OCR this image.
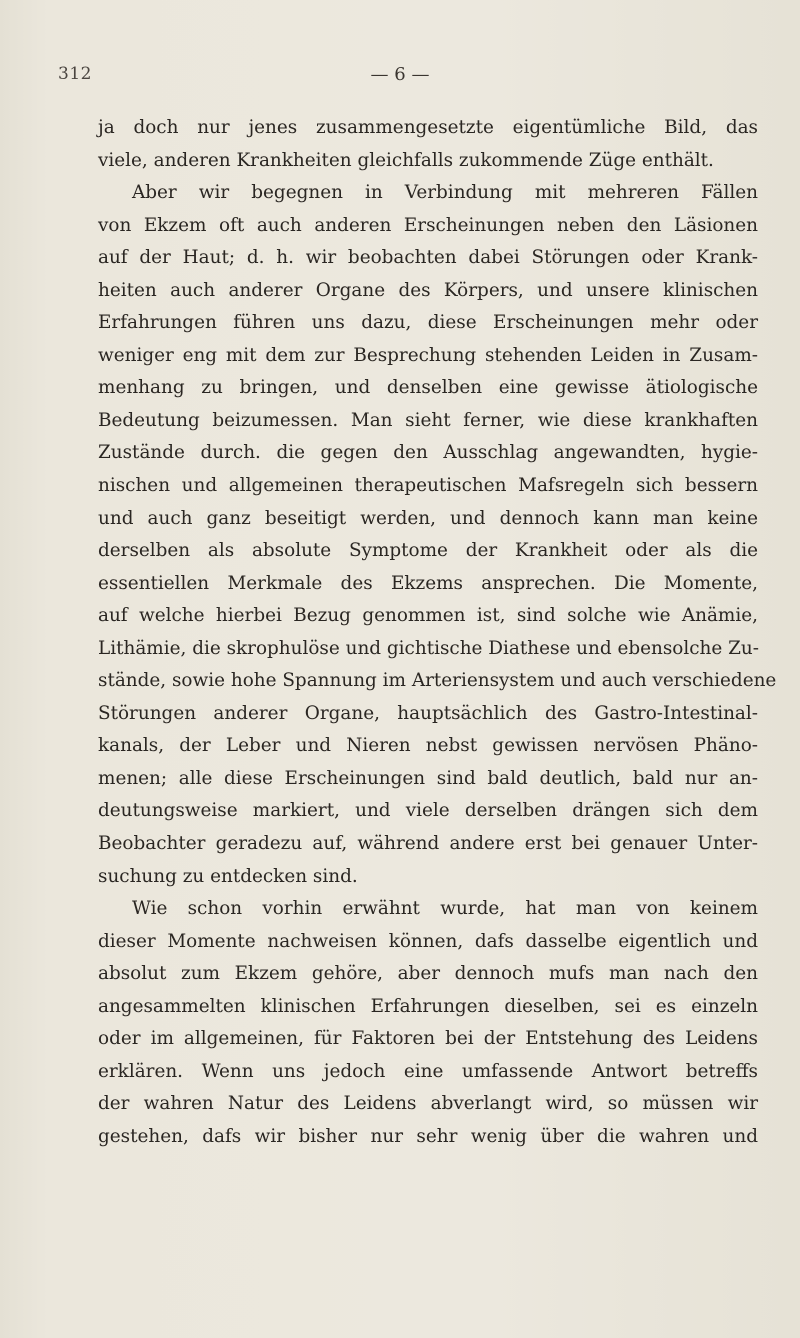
312	— 6 —
ja doch nur jenes zusammengesetzte eigentümliche Bild, das
viele, anderen Krankheiten gleichfalls zukommende Züge enthält.
Aber wir begegnen in Verbindung mit mehreren Fällen
von Ekzem oft auch anderen Erscheinungen neben den Läsionen
auf der Haut; d. h. wir beobachten dabei Störungen oder Krank-
heiten auch anderer Organe des Körpers, und unsere klinischen
Erfahrungen führen uns dazu, diese Erscheinungen mehr oder
weniger eng mit dem zur Besprechung stehenden Leiden in Zusam-
menhang zu bringen, und denselben eine gewisse ätiologische
Bedeutung beizumessen. Man sieht ferner, wie diese krankhaften
Zustände durch. die gegen den Ausschlag angewandten, hygie-
nischen und allgemeinen therapeutischen Mafsregeln sich bessern
und auch ganz beseitigt werden, und dennoch kann man keine
derselben als absolute Symptome der Krankheit oder als die
essentiellen Merkmale des Ekzems ansprechen. Die Momente,
auf welche hierbei Bezug genommen ist, sind solche wie Anämie,
Lithämie, die skrophulöse und gichtische Diathese und ebensolche Zu-
stände, sowie hohe Spannung im Arteriensystem und auch verschiedene
Störungen anderer Organe, hauptsächlich des Gastro-Intestinal-
kanals, der Leber und Nieren nebst gewissen nervösen Phäno-
menen; alle diese Erscheinungen sind bald deutlich, bald nur an-
deutungsweise markiert, und viele derselben drängen sich dem
Beobachter geradezu auf, während andere erst bei genauer Unter-
suchung zu entdecken sind.
Wie schon vorhin erwähnt wurde, hat man von keinem
dieser Momente nachweisen können, dafs dasselbe eigentlich und
absolut zum Ekzem gehöre, aber dennoch mufs man nach den
angesammelten klinischen Erfahrungen dieselben, sei es einzeln
oder im allgemeinen, für Faktoren bei der Entstehung des Leidens
erklären. Wenn uns jedoch eine umfassende Antwort betreffs
der wahren Natur des Leidens abverlangt wird, so müssen wir
gestehen, dafs wir bisher nur sehr wenig über die wahren und
